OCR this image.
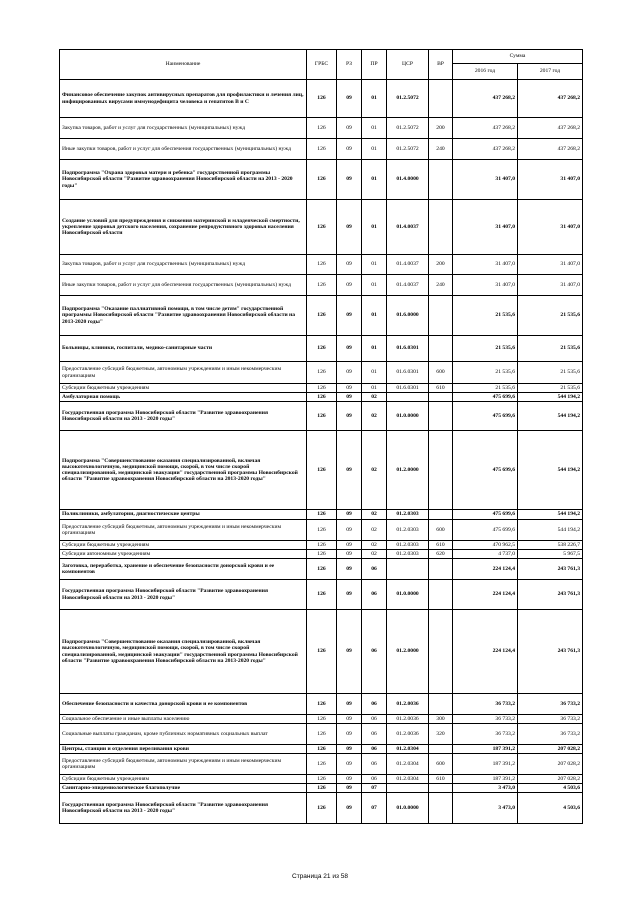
Наименование	ГРБС	РЗ	ПР	ЦСР	ВР	Сумма	
						2016 год	2017 год
Финансовое обеспечение закупок антивирусных препаратов для профилактики и лечения лиц, инфицированных вирусами иммунодефицита человека и гепатитов В и С	126	09	01	01.2.5072		437 268,2	437 268,2
Закупка товаров, работ и услуг для государственных (муниципальных) нужд	126	09	01	01.2.5072	200	437 268,2	437 268,2
Иные закупки товаров, работ и услуг для обеспечения государственных (муниципальных) нужд	126	09	01	01.2.5072	240	437 268,2	437 268,2
Подпрограмма "Охрана здоровья матери и ребенка" государственной программы Новосибирской области "Развитие здравоохранения Новосибирской области на 2013 - 2020 годы"	126	09	01	01.4.0000		31 407,0	31 407,0
Создание условий для предупреждения и снижения материнской и младенческой смертности, укрепление здоровья детского населения, сохранение репродуктивного здоровья населения Новосибирской области	126	09	01	01.4.0037		31 407,0	31 407,0
Закупка товаров, работ и услуг для государственных (муниципальных) нужд	126	09	01	01.4.0037	200	31 407,0	31 407,0
Иные закупки товаров, работ и услуг для обеспечения государственных (муниципальных) нужд	126	09	01	01.4.0037	240	31 407,0	31 407,0
Подпрограмма "Оказание паллиативной помощи, в том числе детям" государственной программы Новосибирской области "Развитие здравоохранения Новосибирской области на 2013-2020 годы"	126	09	01	01.6.0000		21 535,6	21 535,6
Больницы, клиники, госпитали, медико-санитарные части	126	09	01	01.6.0301		21 535,6	21 535,6
Предоставление субсидий бюджетным, автономным учреждениям и иным некоммерческим организациям	126	09	01	01.6.0301	600	21 535,6	21 535,6
Субсидии бюджетным учреждениям	126	09	01	01.6.0301	610	21 535,6	21 535,6
Амбулаторная помощь	126	09	02			475 699,6	544 194,2
Государственная программа Новосибирской области "Развитие здравоохранения Новосибирской области на 2013 - 2020 годы"	126	09	02	01.0.0000		475 699,6	544 194,2
Подпрограмма "Совершенствование оказания специализированной, включая высокотехнологичную, медицинской помощи, скорой, в том числе скорой специализированной, медицинской эвакуации" государственной программы Новосибирской области "Развитие здравоохранения Новосибирской области на 2013-2020 годы"	126	09	02	01.2.0000		475 699,6	544 194,2
Поликлиники, амбулатории, диагностические центры	126	09	02	01.2.0303		475 699,6	544 194,2
Предоставление субсидий бюджетным, автономным учреждениям и иным некоммерческим организациям	126	09	02	01.2.0303	600	475 699,6	544 194,2
Субсидии бюджетным учреждениям	126	09	02	01.2.0303	610	470 962,5	538 226,7
Субсидии автономным учреждениям	126	09	02	01.2.0303	620	4 737,0	5 967,5
Заготовка, переработка, хранение и обеспечение безопасности донорской крови и ее компонентов	126	09	06			224 124,4	243 761,3
Государственная программа Новосибирской области "Развитие здравоохранения Новосибирской области на 2013 - 2020 годы"	126	09	06	01.0.0000		224 124,4	243 761,3
Подпрограмма "Совершенствование оказания специализированной, включая высокотехнологичную, медицинской помощи, скорой, в том числе скорой специализированной, медицинской эвакуации" государственной программы Новосибирской области "Развитие здравоохранения Новосибирской области на 2013-2020 годы"	126	09	06	01.2.0000		224 124,4	243 761,3
Обеспечение безопасности и качества донорской крови и ее компонентов	126	09	06	01.2.0036		36 733,2	36 733,2
Социальное обеспечение и иные выплаты населению	126	09	06	01.2.0036	300	36 733,2	36 733,2
Социальные выплаты гражданам, кроме публичных нормативных социальных выплат	126	09	06	01.2.0036	320	36 733,2	36 733,2
Центры, станции и отделения переливания крови	126	09	06	01.2.0304		187 391,2	207 028,2
Предоставление субсидий бюджетным, автономным учреждениям и иным некоммерческим организациям	126	09	06	01.2.0304	600	187 391,2	207 028,2
Субсидии бюджетным учреждениям	126	09	06	01.2.0304	610	187 391,2	207 028,2
Санитарно-эпидемиологическое благополучие	126	09	07			3 473,0	4 503,6
Государственная программа Новосибирской области "Развитие здравоохранения Новосибирской области на 2013 - 2020 годы"	126	09	07	01.0.0000		3 473,0	4 503,6
Страница 21 из 58
